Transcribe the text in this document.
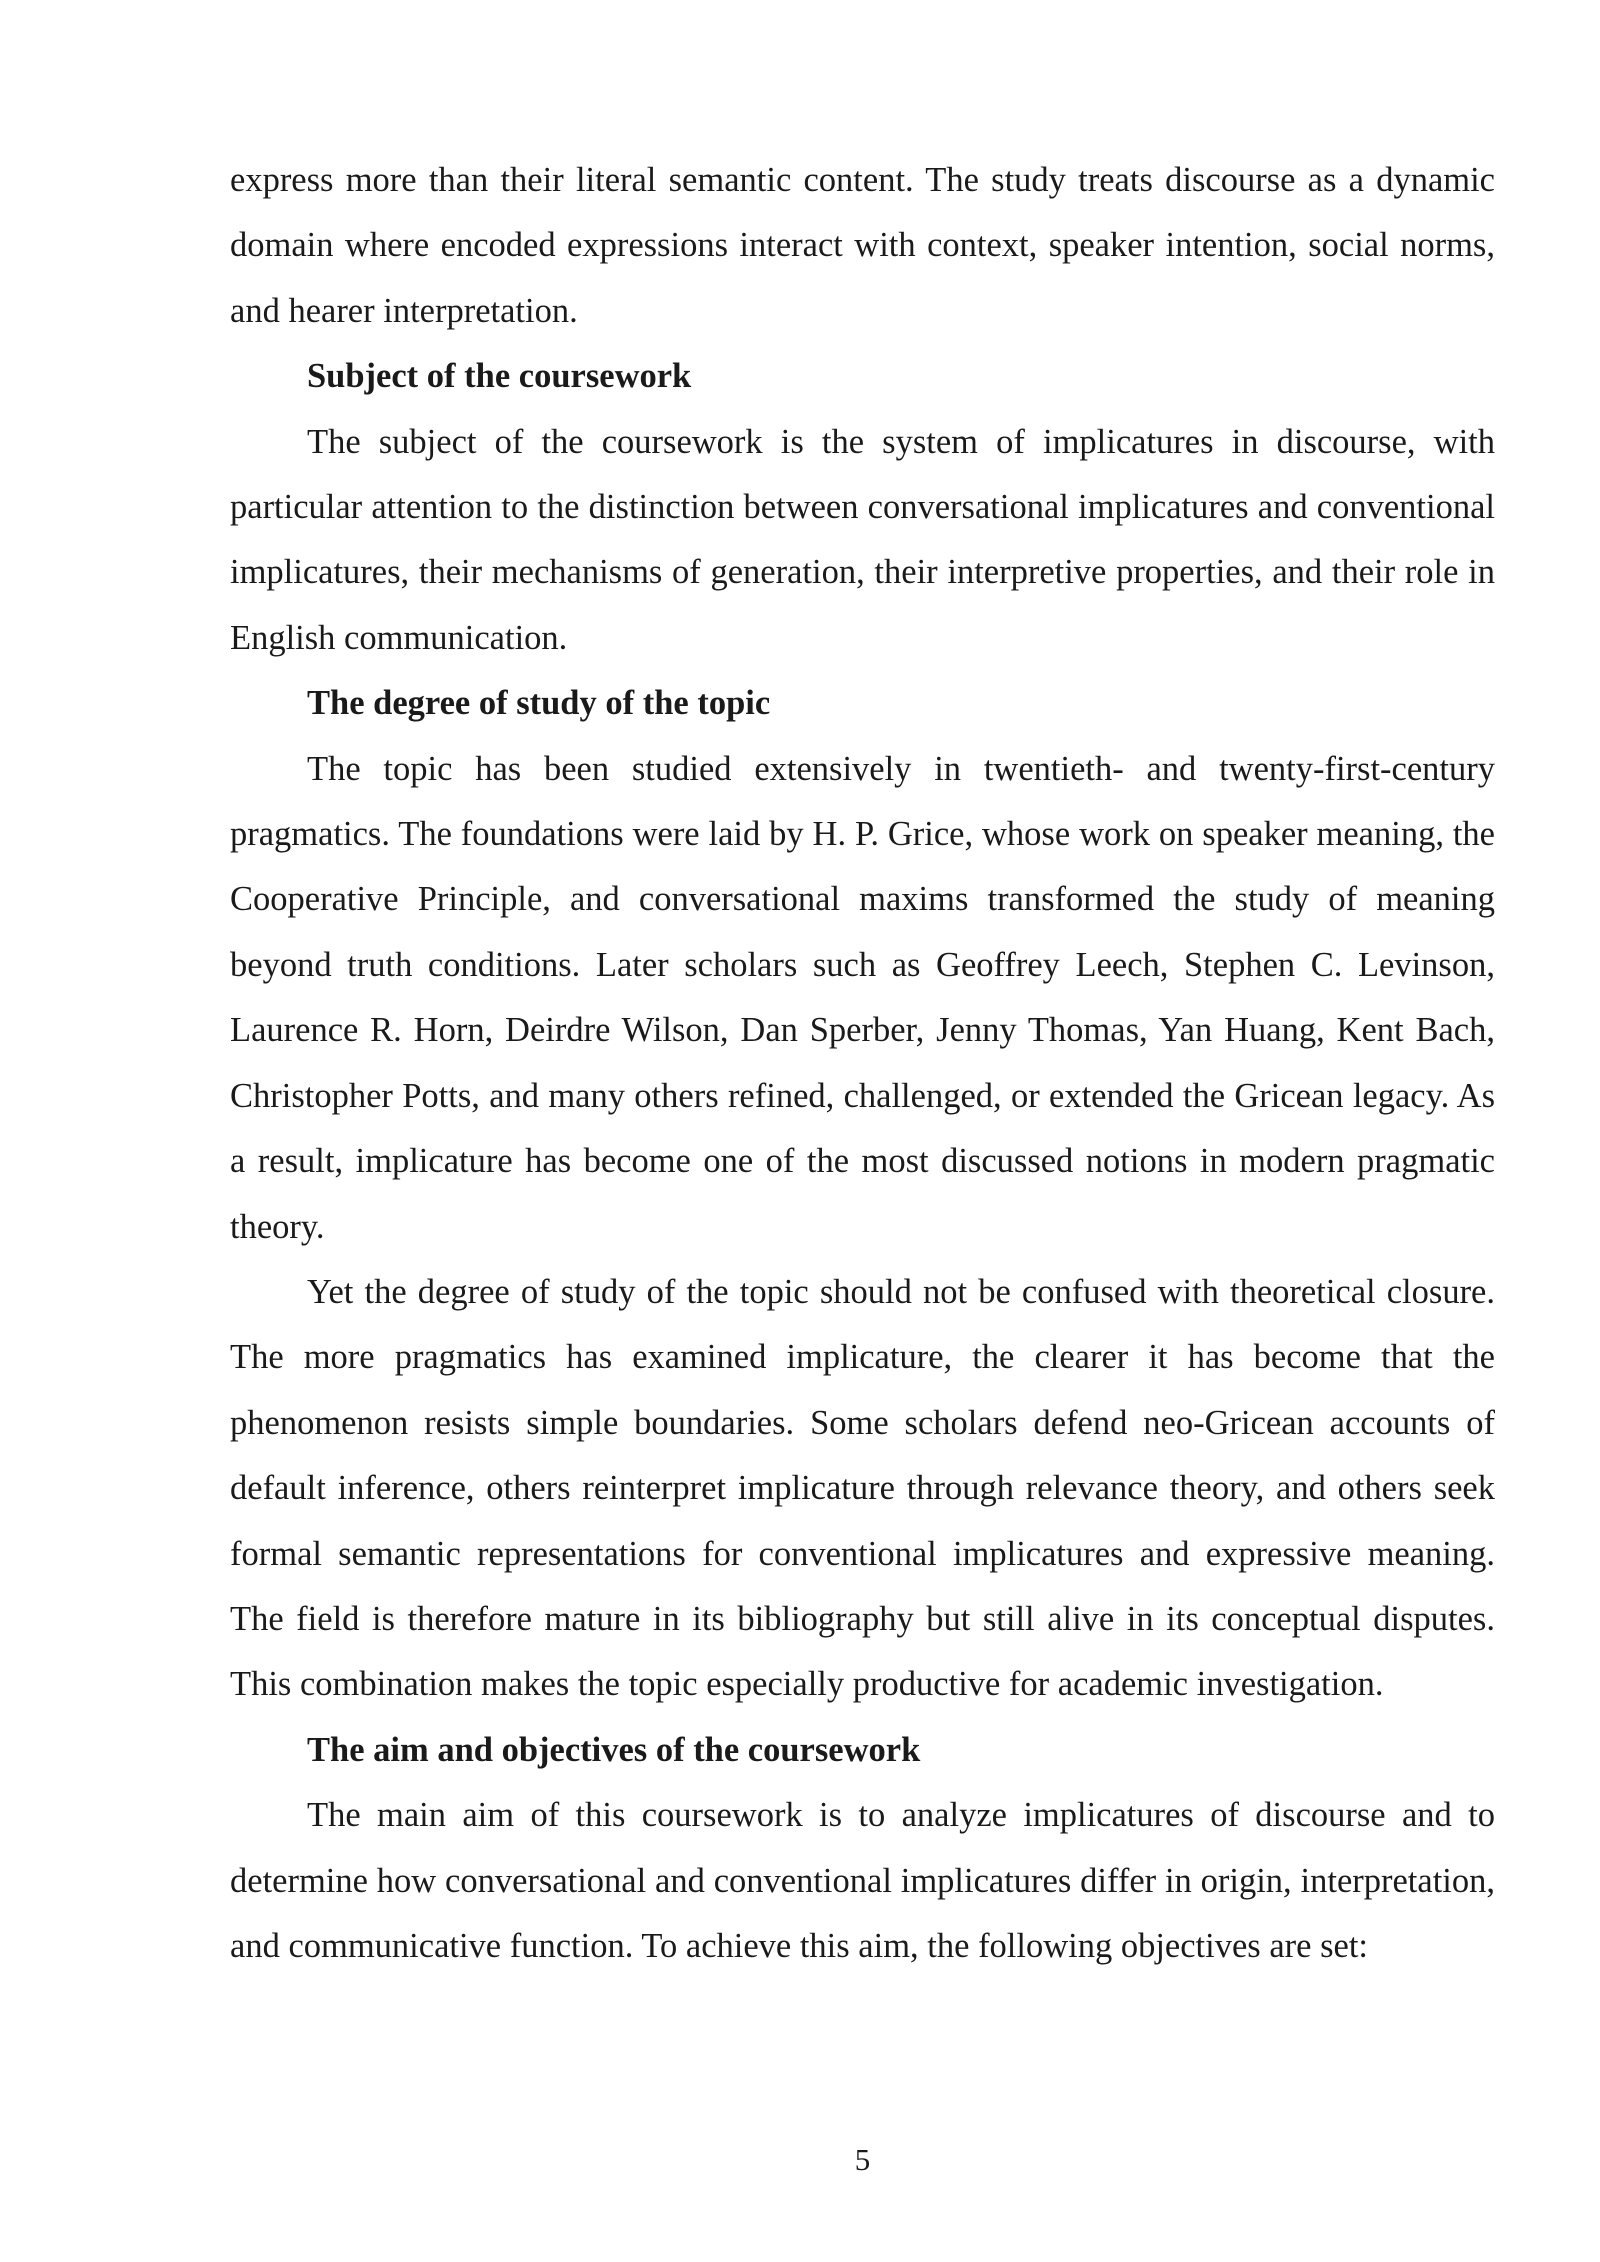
express more than their literal semantic content. The study treats discourse as a dynamic domain where encoded expressions interact with context, speaker intention, social norms, and hearer interpretation.

Subject of the coursework

The subject of the coursework is the system of implicatures in discourse, with particular attention to the distinction between conversational implicatures and conventional implicatures, their mechanisms of generation, their interpretive properties, and their role in English communication.

The degree of study of the topic

The topic has been studied extensively in twentieth- and twenty-first-century pragmatics. The foundations were laid by H. P. Grice, whose work on speaker meaning, the Cooperative Principle, and conversational maxims transformed the study of meaning beyond truth conditions. Later scholars such as Geoffrey Leech, Stephen C. Levinson, Laurence R. Horn, Deirdre Wilson, Dan Sperber, Jenny Thomas, Yan Huang, Kent Bach, Christopher Potts, and many others refined, challenged, or extended the Gricean legacy. As a result, implicature has become one of the most discussed notions in modern pragmatic theory.

Yet the degree of study of the topic should not be confused with theoretical closure. The more pragmatics has examined implicature, the clearer it has become that the phenomenon resists simple boundaries. Some scholars defend neo-Gricean accounts of default inference, others reinterpret implicature through relevance theory, and others seek formal semantic representations for conventional implicatures and expressive meaning. The field is therefore mature in its bibliography but still alive in its conceptual disputes. This combination makes the topic especially productive for academic investigation.

The aim and objectives of the coursework

The main aim of this coursework is to analyze implicatures of discourse and to determine how conversational and conventional implicatures differ in origin, interpretation, and communicative function. To achieve this aim, the following objectives are set:

5
